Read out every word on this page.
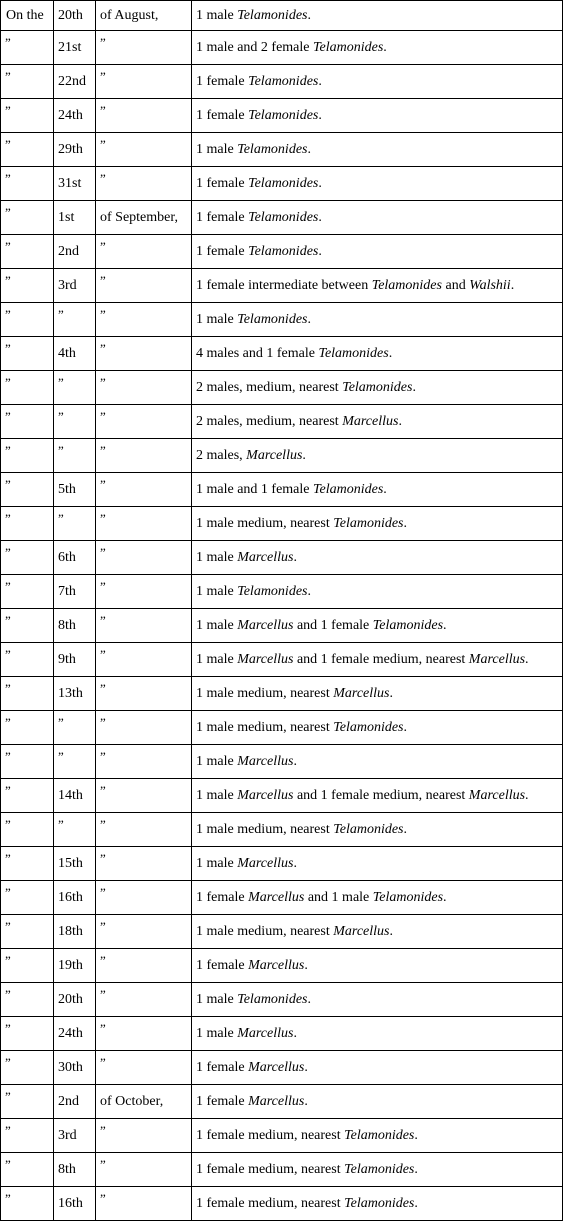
On the	20th	of August,	1 male Telamonides.
”	21st	”	1 male and 2 female Telamonides.
”	22nd	”	1 female Telamonides.
”	24th	”	1 female Telamonides.
”	29th	”	1 male Telamonides.
”	31st	”	1 female Telamonides.
”	1st	of September,	1 female Telamonides.
”	2nd	”	1 female Telamonides.
”	3rd	”	1 female intermediate between Telamonides and Walshii.
”	”	”	1 male Telamonides.
”	4th	”	4 males and 1 female Telamonides.
”	”	”	2 males, medium, nearest Telamonides.
”	”	”	2 males, medium, nearest Marcellus.
”	”	”	2 males, Marcellus.
”	5th	”	1 male and 1 female Telamonides.
”	”	”	1 male medium, nearest Telamonides.
”	6th	”	1 male Marcellus.
”	7th	”	1 male Telamonides.
”	8th	”	1 male Marcellus and 1 female Telamonides.
”	9th	”	1 male Marcellus and 1 female medium, nearest Marcellus.
”	13th	”	1 male medium, nearest Marcellus.
”	”	”	1 male medium, nearest Telamonides.
”	”	”	1 male Marcellus.
”	14th	”	1 male Marcellus and 1 female medium, nearest Marcellus.
”	”	”	1 male medium, nearest Telamonides.
”	15th	”	1 male Marcellus.
”	16th	”	1 female Marcellus and 1 male Telamonides.
”	18th	”	1 male medium, nearest Marcellus.
”	19th	”	1 female Marcellus.
”	20th	”	1 male Telamonides.
”	24th	”	1 male Marcellus.
”	30th	”	1 female Marcellus.
”	2nd	of October,	1 female Marcellus.
”	3rd	”	1 female medium, nearest Telamonides.
”	8th	”	1 female medium, nearest Telamonides.
”	16th	”	1 female medium, nearest Telamonides.
